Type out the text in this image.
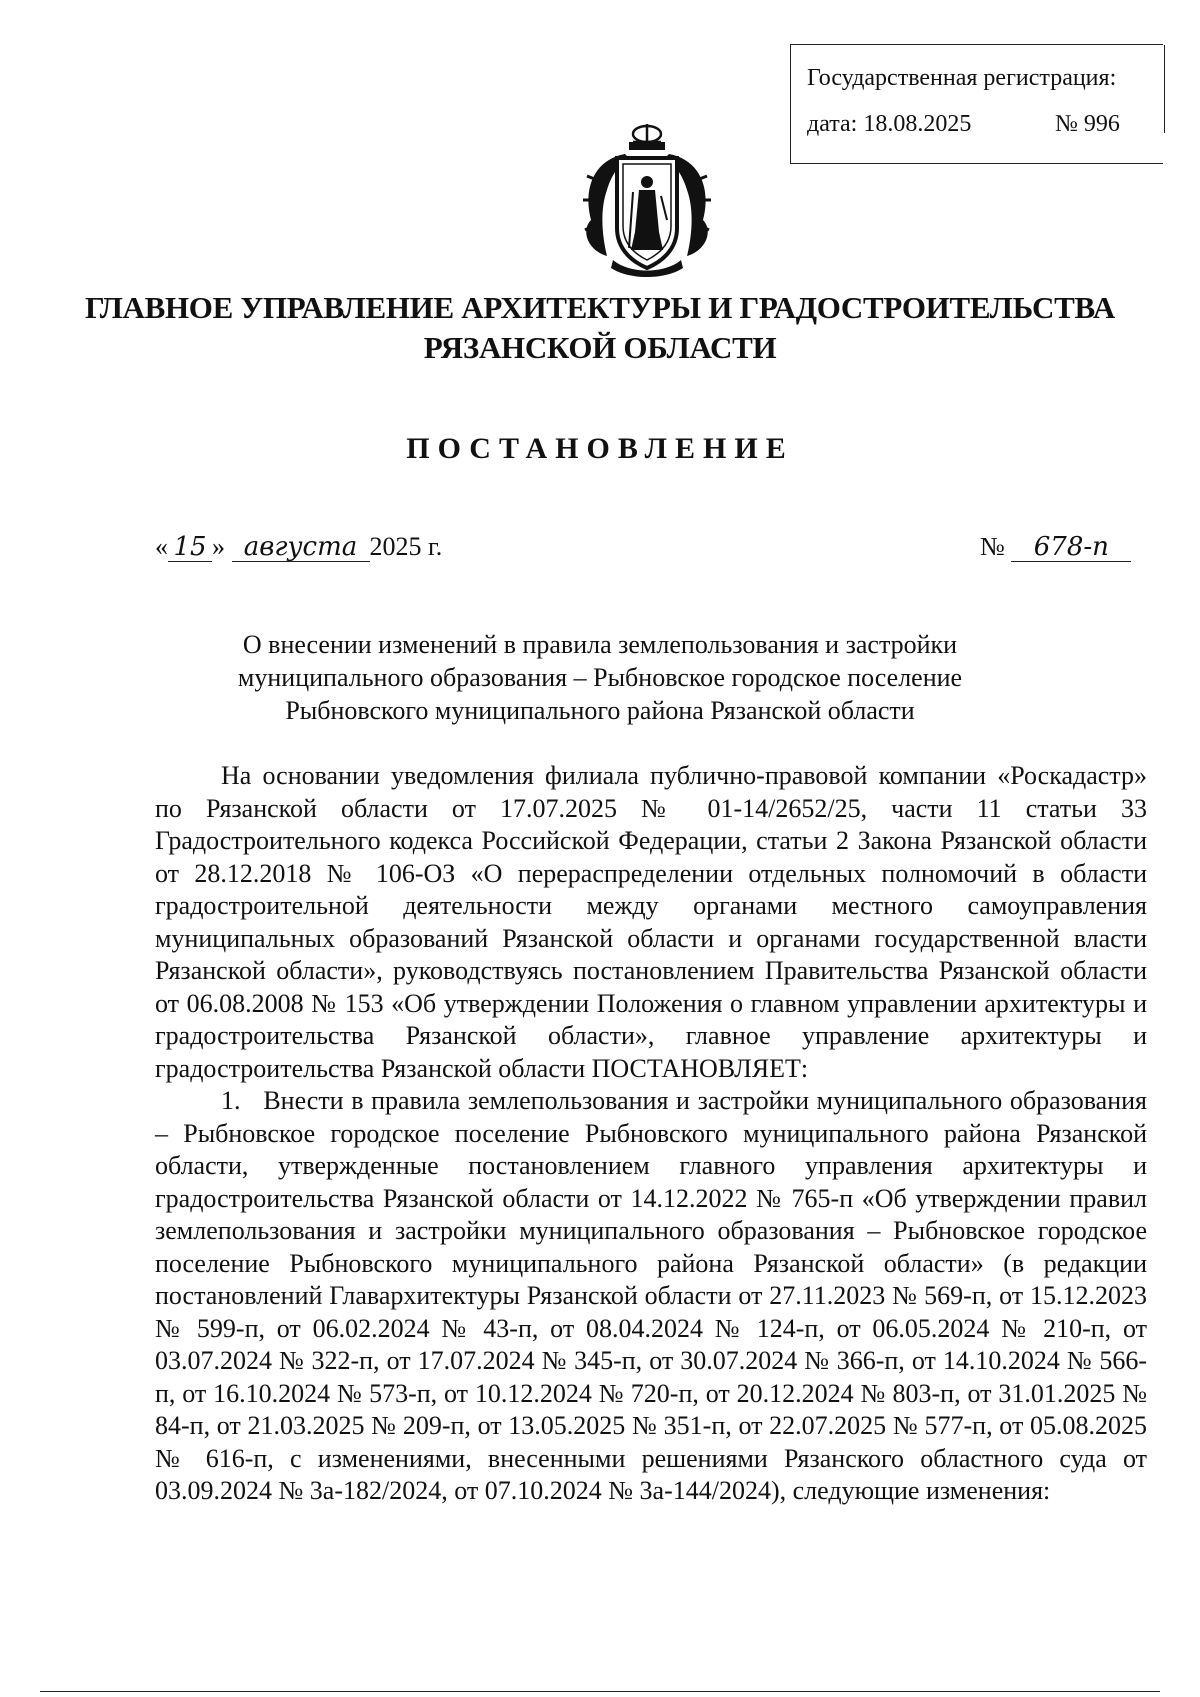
Государственная регистрация:
дата: 18.08.2025	№ 996
ГЛАВНОЕ УПРАВЛЕНИЕ АРХИТЕКТУРЫ И ГРАДОСТРОИТЕЛЬСТВА
РЯЗАНСКОЙ ОБЛАСТИ
ПОСТАНОВЛЕНИЕ
« 15 » августа 2025 г.	№ 678-п
О внесении изменений в правила землепользования и застройки
муниципального образования – Рыбновское городское поселение
Рыбновского муниципального района Рязанской области

На основании уведомления филиала публично-правовой компании «Роскадастр» по Рязанской области от 17.07.2025 № 01-14/2652/25, части 11 статьи 33 Градостроительного кодекса Российской Федерации, статьи 2 Закона Рязанской области от 28.12.2018 № 106-ОЗ «О перераспределении отдельных полномочий в области градостроительной деятельности между органами местного самоуправления муниципальных образований Рязанской области и органами государственной власти Рязанской области», руководствуясь постановлением Правительства Рязанской области от 06.08.2008 № 153 «Об утверждении Положения о главном управлении архитектуры и градостроительства Рязанской области», главное управление архитектуры и градостроительства Рязанской области ПОСТАНОВЛЯЕТ:

1.   Внести в правила землепользования и застройки муниципального образования – Рыбновское городское поселение Рыбновского муниципального района Рязанской области, утвержденные постановлением главного управления архитектуры и градостроительства Рязанской области от 14.12.2022 № 765-п «Об утверждении правил землепользования и застройки муниципального образования – Рыбновское городское поселение Рыбновского муниципального района Рязанской области» (в редакции постановлений Главархитектуры Рязанской области от 27.11.2023 № 569-п, от 15.12.2023 № 599-п, от 06.02.2024 № 43-п, от 08.04.2024 № 124-п, от 06.05.2024 № 210-п, от 03.07.2024 № 322-п, от 17.07.2024 № 345-п, от 30.07.2024 № 366-п, от 14.10.2024 № 566-п, от 16.10.2024 № 573-п, от 10.12.2024 № 720-п, от 20.12.2024 № 803-п, от 31.01.2025 № 84-п, от 21.03.2025 № 209-п, от 13.05.2025 № 351-п, от 22.07.2025 № 577-п, от 05.08.2025 № 616-п, с изменениями, внесенными решениями Рязанского областного суда от 03.09.2024 № 3а-182/2024, от 07.10.2024 № 3а-144/2024), следующие изменения:
